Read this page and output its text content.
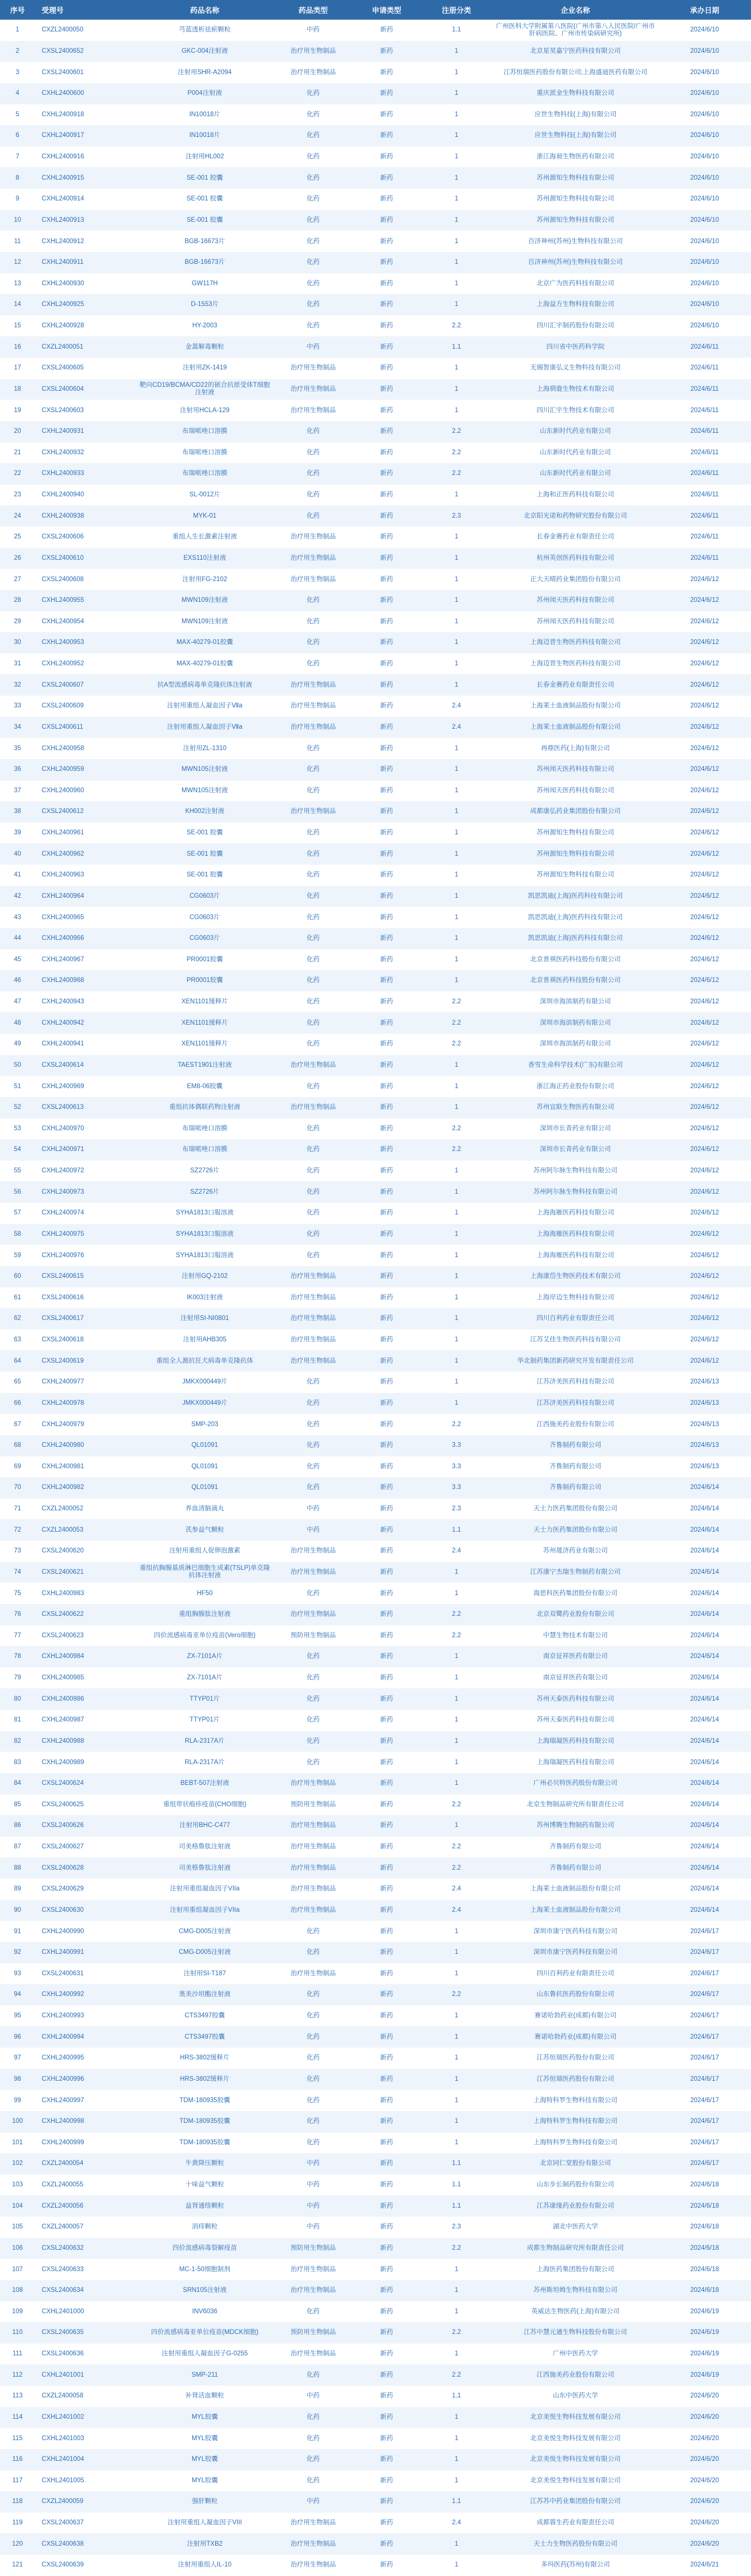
序号	受理号	药品名称	药品类型	申请类型	注册分类	企业名称	承办日期
1	CXZL2400050	芎蓝透析祛瘀颗粒	中药	新药	1.1	广州医科大学附属第八医院(广州市第八人民医院/广州市肝病医院、广州市传染病研究所)	2024/6/10
2	CXSL2400652	GKC-004注射液	治疗用生物制品	新药	1	北京星昊嘉宁医药科技有限公司	2024/6/10
3	CXSL2400601	注射用SHR-A2094	治疗用生物制品	新药	1	江苏恒瑞医药股份有限公司;上海盛迪医药有限公司	2024/6/10
4	CXHL2400600	P004注射液	化药	新药	1	重庆派金生物科技有限公司	2024/6/10
5	CXHL2400918	IN10018片	化药	新药	1	应世生物科技(上海)有限公司	2024/6/10
6	CXHL2400917	IN10018片	化药	新药	1	应世生物科技(上海)有限公司	2024/6/10
7	CXHL2400916	注射用HL002	化药	新药	1	浙江海昶生物医药有限公司	2024/6/10
8	CXHL2400915	SE-001 胶囊	化药	新药	1	苏州源知生物科技有限公司	2024/6/10
9	CXHL2400914	SE-001 胶囊	化药	新药	1	苏州源知生物科技有限公司	2024/6/10
10	CXHL2400913	SE-001 胶囊	化药	新药	1	苏州源知生物科技有限公司	2024/6/10
11	CXHL2400912	BGB-16673片	化药	新药	1	百济神州(苏州)生物科技有限公司	2024/6/10
12	CXHL2400911	BGB-16673片	化药	新药	1	百济神州(苏州)生物科技有限公司	2024/6/10
13	CXHL2400930	GW117H	化药	新药	1	北京广为医药科技有限公司	2024/6/10
14	CXHL2400925	D-1553片	化药	新药	1	上海益方生物科技有限公司	2024/6/10
15	CXHL2400928	HY-2003	化药	新药	2.2	四川汇宇制药股份有限公司	2024/6/10
16	CXZL2400051	金蒿解毒颗粒	中药	新药	1.1	四川省中医药科学院	2024/6/11
17	CXSL2400605	注射用ZK-1419	治疗用生物制品	新药	1	无锡智康弘义生物科技有限公司	2024/6/11
18	CXSL2400604	靶向CD19/BCMA/CD22的嵌合抗原受体T细胞注射液	治疗用生物制品	新药	1	上海驯鹿生物技术有限公司	2024/6/11
19	CXSL2400603	注射用HCLA-129	治疗用生物制品	新药	1	四川汇宇生物技术有限公司	2024/6/11
20	CXHL2400931	布瑞哌唑口溶膜	化药	新药	2.2	山东新时代药业有限公司	2024/6/11
21	CXHL2400932	布瑞哌唑口溶膜	化药	新药	2.2	山东新时代药业有限公司	2024/6/11
22	CXHL2400933	布瑞哌唑口溶膜	化药	新药	2.2	山东新时代药业有限公司	2024/6/11
23	CXHL2400940	SL-0012片	化药	新药	1	上海和正医药科技有限公司	2024/6/11
24	CXHL2400938	MYK-01	化药	新药	2.3	北京阳光诺和药物研究股份有限公司	2024/6/11
25	CXSL2400606	重组人生长激素注射液	治疗用生物制品	新药	1	长春金赛药业有限责任公司	2024/6/11
26	CXSL2400610	EXS110注射液	治疗用生物制品	新药	1	杭州英创医药科技有限公司	2024/6/11
27	CXSL2400608	注射用FG-2102	治疗用生物制品	新药	1	正大天晴药业集团股份有限公司	2024/6/12
28	CXHL2400955	MWN109注射液	化药	新药	1	苏州闻天医药科技有限公司	2024/6/12
29	CXHL2400954	MWN109注射液	化药	新药	1	苏州闻天医药科技有限公司	2024/6/12
30	CXHL2400953	MAX-40279-01胶囊	化药	新药	1	上海迈晋生物医药科技有限公司	2024/6/12
31	CXHL2400952	MAX-40279-01胶囊	化药	新药	1	上海迈晋生物医药科技有限公司	2024/6/12
32	CXSL2400607	抗A型流感病毒单克隆抗体注射液	治疗用生物制品	新药	1	长春金赛药业有限责任公司	2024/6/12
33	CXSL2400609	注射用重组人凝血因子Ⅶa	治疗用生物制品	新药	2.4	上海莱士血液制品股份有限公司	2024/6/12
34	CXSL2400611	注射用重组人凝血因子Ⅶa	治疗用生物制品	新药	2.4	上海莱士血液制品股份有限公司	2024/6/12
35	CXHL2400958	注射用ZL-1310	化药	新药	1	再鼎医药(上海)有限公司	2024/6/12
36	CXHL2400959	MWN105注射液	化药	新药	1	苏州闻天医药科技有限公司	2024/6/12
37	CXHL2400960	MWN105注射液	化药	新药	1	苏州闻天医药科技有限公司	2024/6/12
38	CXSL2400612	KH002注射液	治疗用生物制品	新药	1	成都康弘药业集团股份有限公司	2024/6/12
39	CXHL2400961	SE-001 胶囊	化药	新药	1	苏州源知生物科技有限公司	2024/6/12
40	CXHL2400962	SE-001 胶囊	化药	新药	1	苏州源知生物科技有限公司	2024/6/12
41	CXHL2400963	SE-001 胶囊	化药	新药	1	苏州源知生物科技有限公司	2024/6/12
42	CXHL2400964	CG0603片	化药	新药	1	凯思凯迪(上海)医药科技有限公司	2024/6/12
43	CXHL2400965	CG0603片	化药	新药	1	凯思凯迪(上海)医药科技有限公司	2024/6/12
44	CXHL2400966	CG0603片	化药	新药	1	凯思凯迪(上海)医药科技有限公司	2024/6/12
45	CXHL2400967	PR0001胶囊	化药	新药	1	北京普祺医药科技股份有限公司	2024/6/12
46	CXHL2400968	PR0001胶囊	化药	新药	1	北京普祺医药科技股份有限公司	2024/6/12
47	CXHL2400943	XEN1101缓释片	化药	新药	2.2	深圳市海滨制药有限公司	2024/6/12
48	CXHL2400942	XEN1101缓释片	化药	新药	2.2	深圳市海滨制药有限公司	2024/6/12
49	CXHL2400941	XEN1101缓释片	化药	新药	2.2	深圳市海滨制药有限公司	2024/6/12
50	CXSL2400614	TAEST1901注射液	治疗用生物制品	新药	1	香雪生命科学技术(广东)有限公司	2024/6/12
51	CXHL2400969	EM8-06胶囊	化药	新药	1	浙江海正药业股份有限公司	2024/6/12
52	CXSL2400613	重组抗体偶联药物注射液	治疗用生物制品	新药	1	苏州宜联生物医药有限公司	2024/6/12
53	CXHL2400970	布瑞哌唑口溶膜	化药	新药	2.2	深圳市长青药业有限公司	2024/6/12
54	CXHL2400971	布瑞哌唑口溶膜	化药	新药	2.2	深圳市长青药业有限公司	2024/6/12
55	CXHL2400972	SZ2726片	化药	新药	1	苏州阿尔脉生物科技有限公司	2024/6/12
56	CXHL2400973	SZ2726片	化药	新药	1	苏州阿尔脉生物科技有限公司	2024/6/12
57	CXHL2400974	SYHA1813口服溶液	化药	新药	1	上海海雁医药科技有限公司	2024/6/12
58	CXHL2400975	SYHA1813口服溶液	化药	新药	1	上海海雁医药科技有限公司	2024/6/12
59	CXHL2400976	SYHA1813口服溶液	化药	新药	1	上海海雁医药科技有限公司	2024/6/12
60	CXSL2400615	注射用GQ-2102	治疗用生物制品	新药	1	上海康岱生物医药技术有限公司	2024/6/12
61	CXSL2400616	IK003注射液	治疗用生物制品	新药	1	上海岸迈生物科技有限公司	2024/6/12
62	CXSL2400617	注射用SI-NI0801	治疗用生物制品	新药	1	四川百利药业有限责任公司	2024/6/12
63	CXSL2400618	注射用AHB305	治疗用生物制品	新药	1	江苏艾佳生物医药科技有限公司	2024/6/12
64	CXSL2400619	重组全人源抗狂犬病毒单克隆抗体	治疗用生物制品	新药	1	华北制药集团新药研究开发有限责任公司	2024/6/12
65	CXHL2400977	JMKX000449片	化药	新药	1	江苏济美医药科技有限公司	2024/6/13
66	CXHL2400978	JMKX000449片	化药	新药	1	江苏济美医药科技有限公司	2024/6/13
67	CXHL2400979	SMP-203	化药	新药	2.2	江西施美药业股份有限公司	2024/6/13
68	CXHL2400980	QL01091	化药	新药	3.3	齐鲁制药有限公司	2024/6/13
69	CXHL2400981	QL01091	化药	新药	3.3	齐鲁制药有限公司	2024/6/13
70	CXHL2400982	QL01091	化药	新药	3.3	齐鲁制药有限公司	2024/6/14
71	CXZL2400052	养血清脑滴丸	中药	新药	2.3	天士力医药集团股份有限公司	2024/6/14
72	CXZL2400053	芪参益气颗粒	中药	新药	1.1	天士力医药集团股份有限公司	2024/6/14
73	CXSL2400620	注射用重组人促卵泡激素	治疗用生物制品	新药	2.4	苏州晟济药业有限公司	2024/6/14
74	CXSL2400621	重组抗胸腺基质淋巴细胞生成素(TSLP)单克隆抗体注射液	治疗用生物制品	新药	1	江苏康宁杰瑞生物制药有限公司	2024/6/14
75	CXHL2400983	HF50	化药	新药	1	海思科医药集团股份有限公司	2024/6/14
76	CXSL2400622	重组胸腺肽注射液	治疗用生物制品	新药	2.2	北京双鹭药业股份有限公司	2024/6/14
77	CXSL2400623	四价流感病毒亚单位疫苗(Vero细胞)	预防用生物制品	新药	2.2	中慧生物技术有限公司	2024/6/14
78	CXHL2400984	ZX-7101A片	化药	新药	1	南京征祥医药有限公司	2024/6/14
79	CXHL2400985	ZX-7101A片	化药	新药	1	南京征祥医药有限公司	2024/6/14
80	CXHL2400986	TTYP01片	化药	新药	1	苏州天泰医药科技有限公司	2024/6/14
81	CXHL2400987	TTYP01片	化药	新药	1	苏州天泰医药科技有限公司	2024/6/14
82	CXHL2400988	RLA-2317A片	化药	新药	1	上海瑞凝医药科技有限公司	2024/6/14
83	CXHL2400989	RLA-2317A片	化药	新药	1	上海瑞凝医药科技有限公司	2024/6/14
84	CXSL2400624	BEBT-507注射液	治疗用生物制品	新药	1	广州必贝特医药股份有限公司	2024/6/14
85	CXSL2400625	重组带状疱疹疫苗(CHO细胞)	预防用生物制品	新药	2.2	北京生物制品研究所有限责任公司	2024/6/14
86	CXSL2400626	注射用BHC-C477	治疗用生物制品	新药	1	苏州博腾生物制药有限公司	2024/6/14
87	CXSL2400627	司美格鲁肽注射液	治疗用生物制品	新药	2.2	齐鲁制药有限公司	2024/6/14
88	CXSL2400628	司美格鲁肽注射液	治疗用生物制品	新药	2.2	齐鲁制药有限公司	2024/6/14
89	CXSL2400629	注射用重组凝血因子VIIa	治疗用生物制品	新药	2.4	上海莱士血液制品股份有限公司	2024/6/14
90	CXSL2400630	注射用重组凝血因子VIIa	治疗用生物制品	新药	2.4	上海莱士血液制品股份有限公司	2024/6/14
91	CXHL2400990	CMG-D005注射液	化药	新药	1	深圳市康宁医药科技有限公司	2024/6/17
92	CXHL2400991	CMG-D005注射液	化药	新药	1	深圳市康宁医药科技有限公司	2024/6/17
93	CXSL2400631	注射用SI-T187	治疗用生物制品	新药	1	四川百利药业有限责任公司	2024/6/17
94	CXHL2400992	奥美沙坦酯注射液	化药	新药	2.2	山东鲁抗医药股份有限公司	2024/6/17
95	CXHL2400993	CTS3497胶囊	化药	新药	1	赛诺哈勃药业(成都)有限公司	2024/6/17
96	CXHL2400994	CTS3497胶囊	化药	新药	1	赛诺哈勃药业(成都)有限公司	2024/6/17
97	CXHL2400995	HRS-3802缓释片	化药	新药	1	江苏恒瑞医药股份有限公司	2024/6/17
98	CXHL2400996	HRS-3802缓释片	化药	新药	1	江苏恒瑞医药股份有限公司	2024/6/17
99	CXHL2400997	TDM-180935胶囊	化药	新药	1	上海特科罗生物科技有限公司	2024/6/17
100	CXHL2400998	TDM-180935胶囊	化药	新药	1	上海特科罗生物科技有限公司	2024/6/17
101	CXHL2400999	TDM-180935胶囊	化药	新药	1	上海特科罗生物科技有限公司	2024/6/17
102	CXZL2400054	牛黄降压颗粒	中药	新药	1.1	北京同仁堂股份有限公司	2024/6/17
103	CXZL2400055	十味益气颗粒	中药	新药	1.1	山东步长制药股份有限公司	2024/6/18
104	CXZL2400056	益肾通络颗粒	中药	新药	1.1	江苏康缘药业股份有限公司	2024/6/18
105	CXZL2400057	消痔颗粒	中药	新药	2.3	湖北中医药大学	2024/6/18
106	CXSL2400632	四价流感病毒裂解疫苗	预防用生物制品	新药	2.2	成都生物制品研究所有限责任公司	2024/6/18
107	CXSL2400633	MC-1-50细胞制剂	治疗用生物制品	新药	1	上海医药集团股份有限公司	2024/6/18
108	CXSL2400634	SRN105注射液	治疗用生物制品	新药	1	苏州斯坦姆生物科技有限公司	2024/6/18
109	CXHL2401000	INV6036	化药	新药	1	英威达生物医药(上海)有限公司	2024/6/19
110	CXSL2400635	四价流感病毒亚单位疫苗(MDCK细胞)	预防用生物制品	新药	2.2	江苏中慧元通生物科技股份有限公司	2024/6/19
111	CXSL2400636	注射用重组人凝血因子G-0255	治疗用生物制品	新药	1	广州中医药大学	2024/6/19
112	CXHL2401001	SMP-211	化药	新药	2.2	江西施美药业股份有限公司	2024/6/19
113	CXZL2400058	补肾活血颗粒	中药	新药	1.1	山东中医药大学	2024/6/20
114	CXHL2401002	MYL胶囊	化药	新药	1	北京美悦生物科技发展有限公司	2024/6/20
115	CXHL2401003	MYL胶囊	化药	新药	1	北京美悦生物科技发展有限公司	2024/6/20
116	CXHL2401004	MYL胶囊	化药	新药	1	北京美悦生物科技发展有限公司	2024/6/20
117	CXHL2401005	MYL胶囊	化药	新药	1	北京美悦生物科技发展有限公司	2024/6/20
118	CXZL2400059	强肝颗粒	中药	新药	1.1	江苏苏中药业集团股份有限公司	2024/6/20
119	CXSL2400637	注射用重组人凝血因子VIII	治疗用生物制品	新药	2.4	成都蓉生药业有限责任公司	2024/6/20
120	CXSL2400638	注射用TXB2	治疗用生物制品	新药	1	天士力生物医药股份有限公司	2024/6/20
121	CXSL2400639	注射用重组人IL-10	治疗用生物制品	新药	1	多玛医药(苏州)有限公司	2024/6/21
